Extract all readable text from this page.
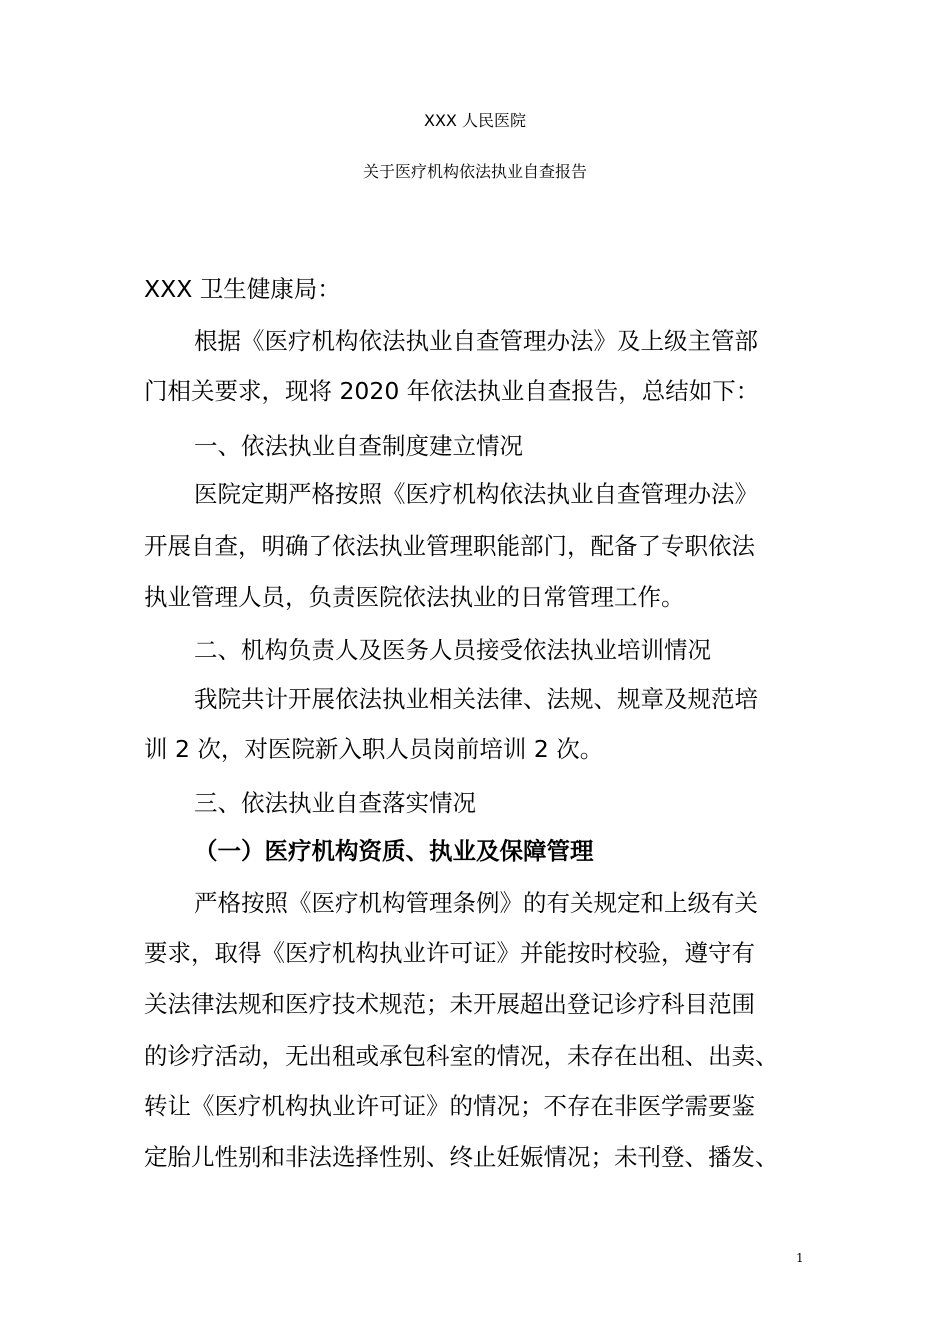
XXX 人民医院
关于医疗机构依法执业自查报告
XXX 卫生健康局：
根据《医疗机构依法执业自查管理办法》及上级主管部
门相关要求，现将 2020 年依法执业自查报告，总结如下：
一、依法执业自查制度建立情况
医院定期严格按照《医疗机构依法执业自查管理办法》
开展自查，明确了依法执业管理职能部门，配备了专职依法
执业管理人员，负责医院依法执业的日常管理工作。
二、机构负责人及医务人员接受依法执业培训情况
我院共计开展依法执业相关法律、法规、规章及规范培
训 2 次，对医院新入职人员岗前培训 2 次。
三、依法执业自查落实情况
（一）医疗机构资质、执业及保障管理
严格按照《医疗机构管理条例》的有关规定和上级有关
要求，取得《医疗机构执业许可证》并能按时校验，遵守有
关法律法规和医疗技术规范；未开展超出登记诊疗科目范围
的诊疗活动，无出租或承包科室的情况，未存在出租、出卖、
转让《医疗机构执业许可证》的情况；不存在非医学需要鉴
定胎儿性别和非法选择性别、终止妊娠情况；未刊登、播发、
1
